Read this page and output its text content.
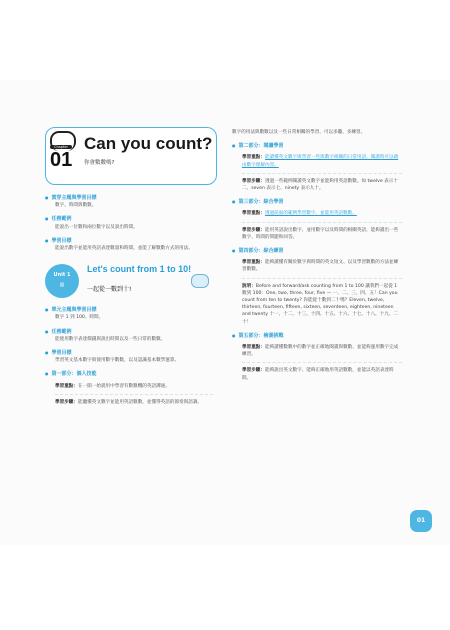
Chapter
01
Can you count?
你會數數嗎?
● 貫穿主題與學習目標
數字、時間與數數。
● 任務範例
能說出一位數和兩位數字以及說出時間。
● 學習目標
能說出數字並能用英語表達數量和時間、並能了解數數方式的用法。
Unit 1
▥
Let's count from 1 to 10!
一起從一數到十!
● 單元主題與學習目標
數字 1 到 100、時間。
● 任務範例
能使用數字表達價錢與說出時間以及一些日常的數數。
● 學習目標
學習英文基本數字與使用數字數數，以及認識基本數學運算。
● 第一部分：個人技能
學習重點：在一開一始就用中學習有數數機的英語溝通。
學習步驟：能聽懂英文數字並能用英語數數，並懂得英語的節奏與語調。
數字的用法與數數以及一些日常相關的學習、可以多聽、多練習。
● 第二部分：閱讀學習
學習重點：能讀懂英文數字與學習一些與數字相關的日常用語、閱讀時可以藉由數字理解內容。
學習步驟：透過一些範例閱讀英文數字並能夠用英語數數。如 twelve 表示十二、seven 表示七、ninety 表示九十。
● 第三部分：綜合學習
學習重點：透過前面的範例學習數字、並能用英語數數。
學習步驟：能用英語說出數字、並用數字以及時間的相關英語、能夠讀出一些數字、時間的問題和回答。
● 第四部分：綜合練習
學習重點：能夠讀懂有關於數字與時間的英文短文、以及學習數數的方法並練習數數。
說明：Before and forward/ask counting from 1 to 100 讓我們一起從 1 數到 100：One, two, three, four, five — 一、二、三、四、五！Can you count from ten to twenty? 你能從十數到二十嗎？Eleven, twelve, thirteen, fourteen, fifteen, sixteen, seventeen, eighteen, nineteen and twenty 十一、十二、十三、十四、十五、十六、十七、十八、十九、二十！
● 第五部分：檢測挑戰
學習重點：能夠讀懂數數中的數字並正確地閱讀與數數、並能夠運用數字完成練習。
學習步驟：能夠說出英文數字、能夠正確地用英語數數，並能以英語表達時間。
01
